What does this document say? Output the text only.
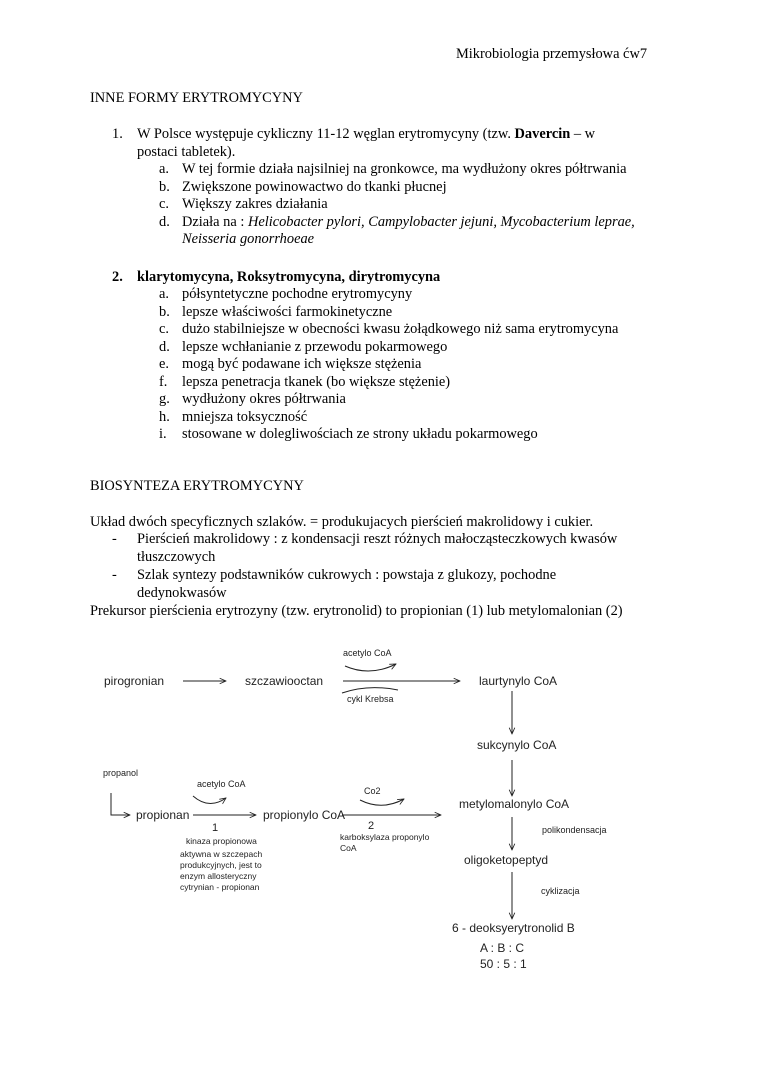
Mikrobiologia przemysłowa ćw7
INNE FORMY ERYTROMYCYNY
1. W Polsce występuje cykliczny 11-12 węglan erytromycyny (tzw. Davercin – w
postaci tabletek).
a. W tej formie działa najsilniej na gronkowce, ma wydłużony okres półtrwania
b. Zwiększone powinowactwo do tkanki płucnej
c. Większy zakres działania
d. Działa na : Helicobacter pylori, Campylobacter jejuni, Mycobacterium leprae,
Neisseria gonorrhoeae
2. klarytomycyna, Roksytromycyna, dirytromycyna
a. półsyntetyczne pochodne erytromycyny
b. lepsze właściwości farmokinetyczne
c. dużo stabilniejsze w obecności kwasu żołądkowego niż sama erytromycyna
d. lepsze wchłanianie z przewodu pokarmowego
e. mogą być podawane ich większe stężenia
f. lepsza penetracja tkanek (bo większe stężenie)
g. wydłużony okres półtrwania
h. mniejsza toksyczność
i. stosowane w dolegliwościach ze strony układu pokarmowego
BIOSYNTEZA ERYTROMYCYNY
Układ dwóch specyficznych szlaków. = produkujacych pierścień makrolidowy i cukier.
- Pierścień makrolidowy : z kondensacji reszt różnych małocząsteczkowych kwasów
tłuszczowych
- Szlak syntezy podstawników cukrowych : powstaja z glukozy, pochodne
dedynokwasów
Prekursor pierścienia erytrozyny (tzw. erytronolid) to propionian (1) lub metylomalonian (2)
pirogronian	szczawiooctan
acetylo CoA
cykl Krebsa
laurtynylo CoA
sukcynylo CoA
propanol
propionan
acetylo CoA
1
kinaza propionowa
aktywna w szczepach
produkcyjnych, jest to
enzym allosteryczny
cytrynian - propionan
propionylo CoA
Co2
2
karboksylaza proponylo
CoA
metylomalonylo CoA
polikondensacja
oligoketopeptyd
cyklizacja
6 - deoksyerytronolid B
A : B : C
50 : 5 : 1
